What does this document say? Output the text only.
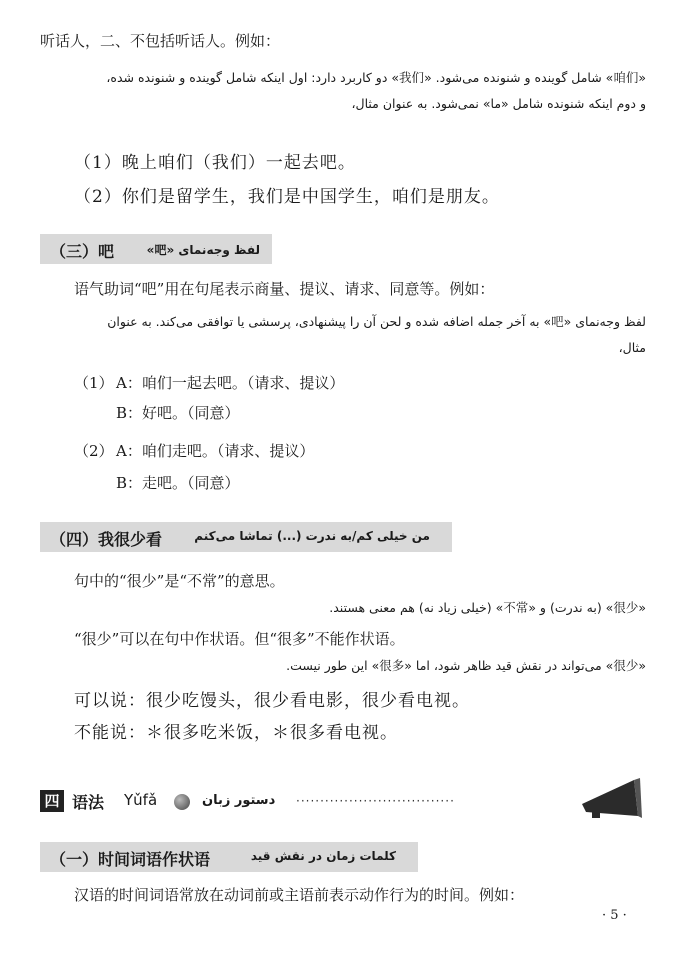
听话人，二、不包括听话人。例如：
«咱们» شامل گوینده و شنونده می‌شود. «我们» دو کاربرد دارد: اول اینکه شامل گوینده و شنونده شده،
و دوم اینکه شنونده شامل «ما» نمی‌شود. به عنوان مثال،
（1）晚上咱们（我们）一起去吧。
（2）你们是留学生，我们是中国学生，咱们是朋友。
（三）吧	لفظ وجه‌نمای «吧»
语气助词“吧”用在句尾表示商量、提议、请求、同意等。例如：
لفظ وجه‌نمای «吧» به آخر جمله اضافه شده و لحن آن را پیشنهادی، پرسشی یا توافقی می‌کند. به عنوان
مثال،
（1） A：咱们一起去吧。（请求、提议）
B：好吧。（同意）
（2） A：咱们走吧。（请求、提议）
B：走吧。（同意）
（四）我很少看	من خیلی کم/به ندرت (...) تماشا می‌کنم
句中的“很少”是“不常”的意思。
«很少» (به ندرت) و «不常» (خیلی زیاد نه) هم معنی هستند.
“很少”可以在句中作状语。但“很多”不能作状语。
«很少» می‌تواند در نقش قید ظاهر شود، اما «很多» این طور نیست.
可以说：很少吃馒头，很少看电影，很少看电视。
不能说：＊很多吃米饭，＊很多看电视。
四 语法 Yǔfǎ	دستور زبان ·································
（一）时间词语作状语	کلمات زمان در نقش قید
汉语的时间词语常放在动词前或主语前表示动作行为的时间。例如：
· 5 ·
